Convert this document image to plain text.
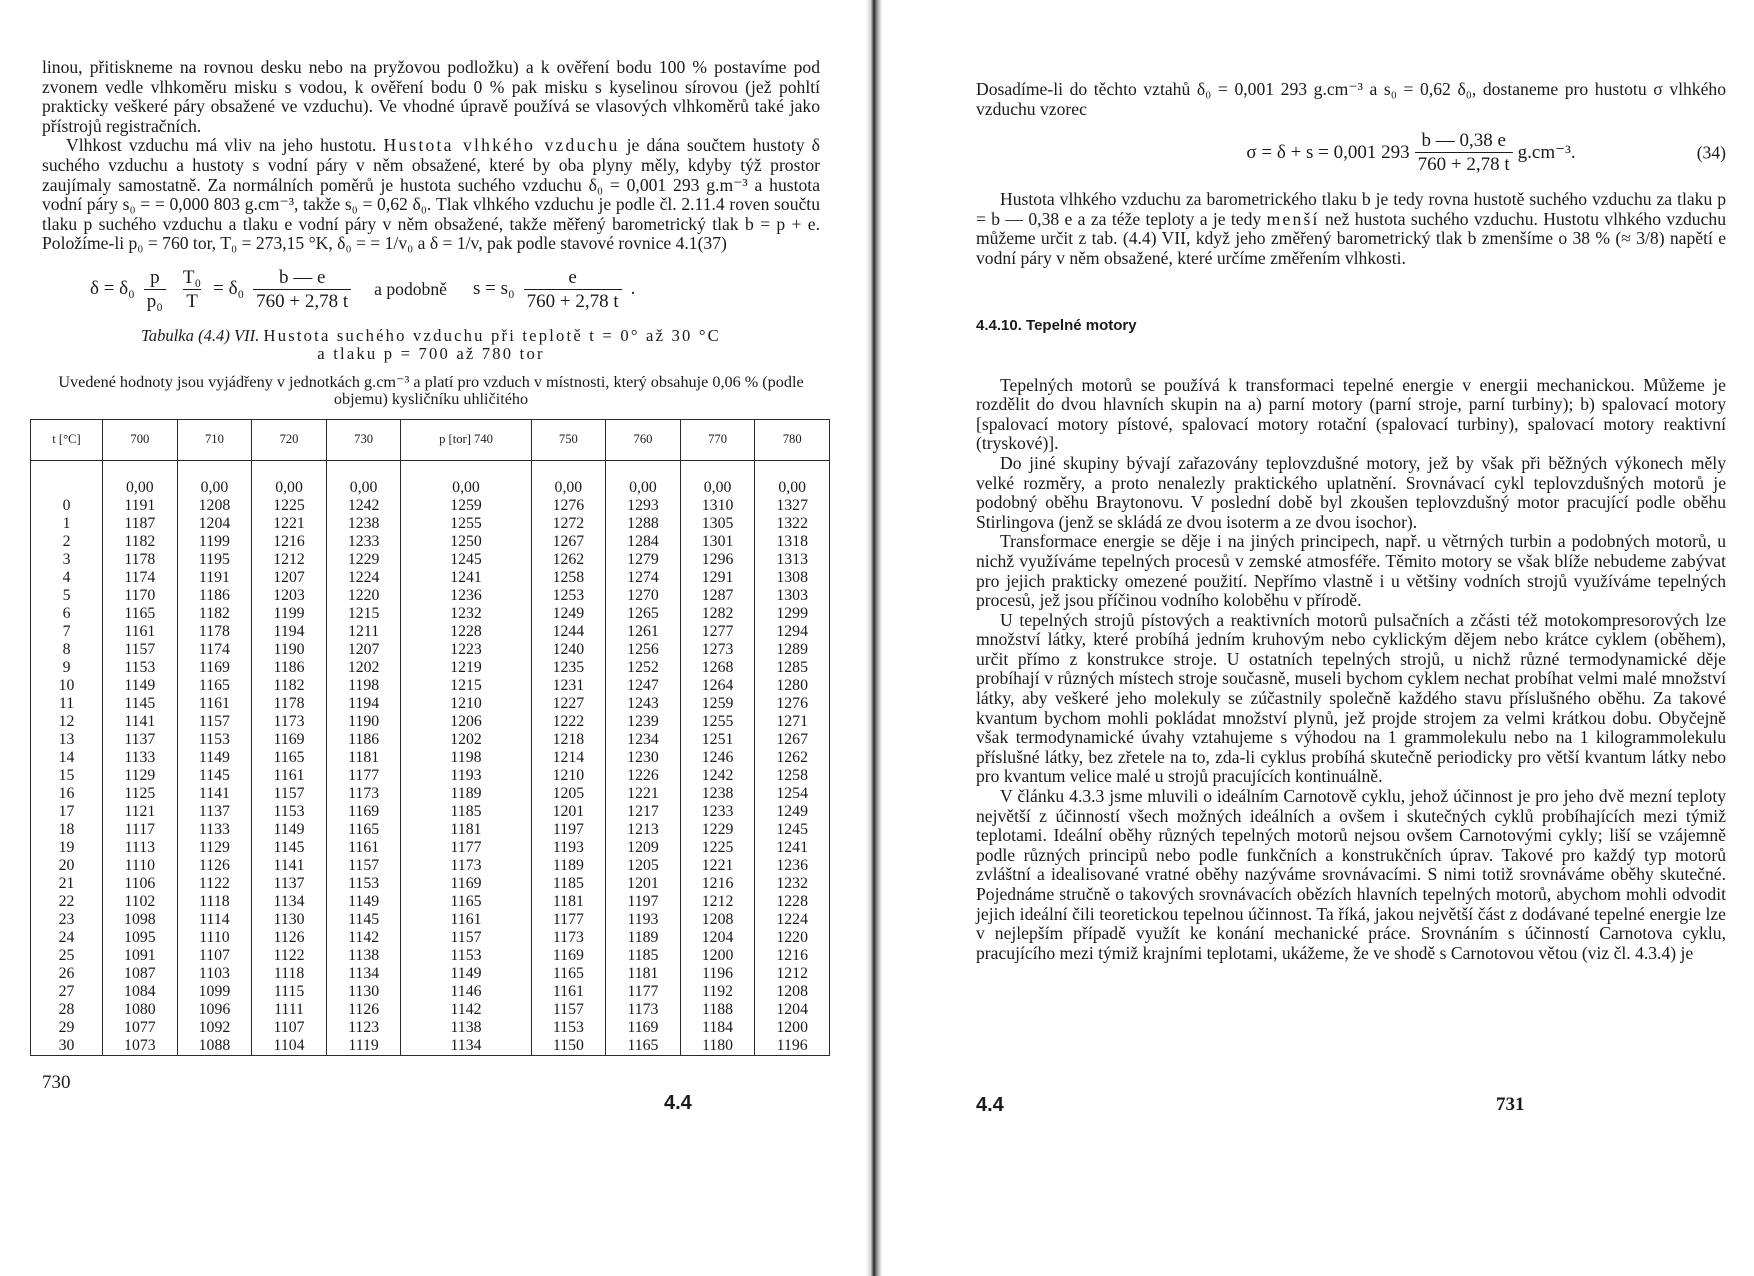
linou, přitiskneme na rovnou desku nebo na pryžovou podložku) a k ověření bodu 100 % postavíme pod zvonem vedle vlhkoměru misku s vodou, k ověření bodu 0 % pak misku s kyselinou sírovou (jež pohltí prakticky veškeré páry obsažené ve vzduchu). Ve vhodné úpravě používá se vlasových vlhkoměrů také jako přístrojů registračních.

Vlhkost vzduchu má vliv na jeho hustotu. Hustota vlhkého vzduchu je dána součtem hustoty δ suchého vzduchu a hustoty s vodní páry v něm obsažené, které by oba plyny měly, kdyby týž prostor zaujímaly samostatně. Za normálních poměrů je hustota suchého vzduchu δ₀ = 0,001 293 g.m⁻³ a hustota vodní páry s₀ = = 0,000 803 g.cm⁻³, takže s₀ = 0,62 δ₀. Tlak vlhkého vzduchu je podle čl. 2.11.4 roven součtu tlaku p suchého vzduchu a tlaku e vodní páry v něm obsažené, takže měřený barometrický tlak b = p + e. Položíme-li p₀ = 760 tor, T₀ = 273,15 °K, δ₀ = = 1/v₀ a δ = 1/v, pak podle stavové rovnice 4.1(37)

$\delta = \delta_0 \frac{p}{\text{p₀}} \frac{\text{T₀}}{T} = \delta_0 \frac{b — e}{760 + 2,78 t}$ a podobně $s = s_0 \frac{e}{760 + 2,78 t}$ .
Tabulka (4.4) VII. Hustota suchého vzduchu při teplotě t = 0° až 30 °C
a tlaku p = 700 až 780 tor
Uvedené hodnoty jsou vyjádřeny v jednotkách g.cm⁻³ a platí pro vzduch v místnosti, který obsahuje 0,06 % (podle objemu) kysličníku uhličitého
t [°C]	700	710	720	730	p [tor] 740	750	760	770	780
	0,00	0,00	0,00	0,00	0,00	0,00	0,00	0,00	0,00
0	1191	1208	1225	1242	1259	1276	1293	1310	1327
1	1187	1204	1221	1238	1255	1272	1288	1305	1322
2	1182	1199	1216	1233	1250	1267	1284	1301	1318
3	1178	1195	1212	1229	1245	1262	1279	1296	1313
4	1174	1191	1207	1224	1241	1258	1274	1291	1308
5	1170	1186	1203	1220	1236	1253	1270	1287	1303
6	1165	1182	1199	1215	1232	1249	1265	1282	1299
7	1161	1178	1194	1211	1228	1244	1261	1277	1294
8	1157	1174	1190	1207	1223	1240	1256	1273	1289
9	1153	1169	1186	1202	1219	1235	1252	1268	1285
10	1149	1165	1182	1198	1215	1231	1247	1264	1280
11	1145	1161	1178	1194	1210	1227	1243	1259	1276
12	1141	1157	1173	1190	1206	1222	1239	1255	1271
13	1137	1153	1169	1186	1202	1218	1234	1251	1267
14	1133	1149	1165	1181	1198	1214	1230	1246	1262
15	1129	1145	1161	1177	1193	1210	1226	1242	1258
16	1125	1141	1157	1173	1189	1205	1221	1238	1254
17	1121	1137	1153	1169	1185	1201	1217	1233	1249
18	1117	1133	1149	1165	1181	1197	1213	1229	1245
19	1113	1129	1145	1161	1177	1193	1209	1225	1241
20	1110	1126	1141	1157	1173	1189	1205	1221	1236
21	1106	1122	1137	1153	1169	1185	1201	1216	1232
22	1102	1118	1134	1149	1165	1181	1197	1212	1228
23	1098	1114	1130	1145	1161	1177	1193	1208	1224
24	1095	1110	1126	1142	1157	1173	1189	1204	1220
25	1091	1107	1122	1138	1153	1169	1185	1200	1216
26	1087	1103	1118	1134	1149	1165	1181	1196	1212
27	1084	1099	1115	1130	1146	1161	1177	1192	1208
28	1080	1096	1111	1126	1142	1157	1173	1188	1204
29	1077	1092	1107	1123	1138	1153	1169	1184	1200
30	1073	1088	1104	1119	1134	1150	1165	1180	1196
730
4.4

Dosadíme-li do těchto vztahů δ₀ = 0,001 293 g.cm⁻³ a s₀ = 0,62 δ₀, dostaneme pro hustotu σ vlhkého vzduchu vzorec

σ = δ + s = 0,001 $293 \frac{b — 0,38 e}{760 + 2,78 t} g.cm^{-3}$.	(34)

Hustota vlhkého vzduchu za barometrického tlaku b je tedy rovna hustotě suchého vzduchu za tlaku p = b — 0,38 e a za téže teploty a je tedy menší než hustota suchého vzduchu. Hustotu vlhkého vzduchu můžeme určit z tab. (4.4) VII, když jeho změřený barometrický tlak b zmenšíme o 38 % (≈ 3/8) napětí e vodní páry v něm obsažené, které určíme změřením vlhkosti.

4.4.10. Tepelné motory

Tepelných motorů se používá k transformaci tepelné energie v energii mechanickou. Můžeme je rozdělit do dvou hlavních skupin na a) parní motory (parní stroje, parní turbiny); b) spalovací motory [spalovací motory pístové, spalovací motory rotační (spalovací turbiny), spalovací motory reaktivní (tryskové)].

Do jiné skupiny bývají zařazovány teplovzdušné motory, jež by však při běžných výkonech měly velké rozměry, a proto nenalezly praktického uplatnění. Srovnávací cykl teplovzdušných motorů je podobný oběhu Braytonovu. V poslední době byl zkoušen teplovzdušný motor pracující podle oběhu Stirlingova (jenž se skládá ze dvou isoterm a ze dvou isochor).

Transformace energie se děje i na jiných principech, např. u větrných turbin a podobných motorů, u nichž využíváme tepelných procesů v zemské atmosféře. Těmito motory se však blíže nebudeme zabývat pro jejich prakticky omezené použití. Nepřímo vlastně i u většiny vodních strojů využíváme tepelných procesů, jež jsou příčinou vodního koloběhu v přírodě.

U tepelných strojů pístových a reaktivních motorů pulsačních a zčásti též motokompresorových lze množství látky, které probíhá jedním kruhovým nebo cyklickým dějem nebo krátce cyklem (oběhem), určit přímo z konstrukce stroje. U ostatních tepelných strojů, u nichž různé termodynamické děje probíhají v různých místech stroje současně, museli bychom cyklem nechat probíhat velmi malé množství látky, aby veškeré jeho molekuly se zúčastnily společně každého stavu příslušného oběhu. Za takové kvantum bychom mohli pokládat množství plynů, jež projde strojem za velmi krátkou dobu. Obyčejně však termodynamické úvahy vztahujeme s výhodou na 1 grammolekulu nebo na 1 kilogrammolekulu příslušné látky, bez zřetele na to, zda-li cyklus probíhá skutečně periodicky pro větší kvantum látky nebo pro kvantum velice malé u strojů pracujících kontinuálně.

V článku 4.3.3 jsme mluvili o ideálním Carnotově cyklu, jehož účinnost je pro jeho dvě mezní teploty největší z účinností všech možných ideálních a ovšem i skutečných cyklů probíhajících mezi týmiž teplotami. Ideální oběhy různých tepelných motorů nejsou ovšem Carnotovými cykly; liší se vzájemně podle různých principů nebo podle funkčních a konstrukčních úprav. Takové pro každý typ motorů zvláštní a idealisované vratné oběhy nazýváme srovnávacími. S nimi totiž srovnáváme oběhy skutečné. Pojednáme stručně o takových srovnávacích obězích hlavních tepelných motorů, abychom mohli odvodit jejich ideální čili teoretickou tepelnou účinnost. Ta říká, jakou největší část z dodávané tepelné energie lze v nejlepším případě využít ke konání mechanické práce. Srovnáním s účinností Carnotova cyklu, pracujícího mezi týmiž krajními teplotami, ukážeme, že ve shodě s Carnotovou větou (viz čl. 4.3.4) je

4.4	731
